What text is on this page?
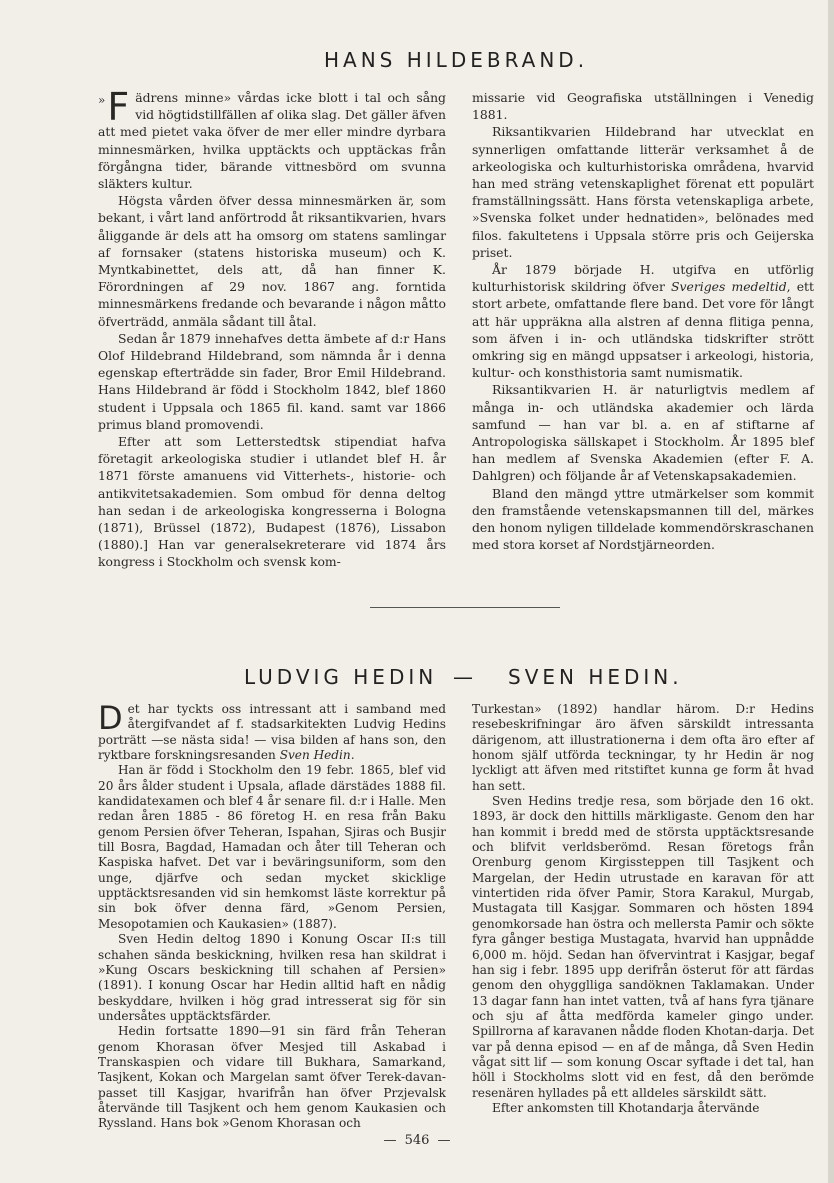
HANS HILDEBRAND.

» F ädrens minne» vårdas icke blott i tal och sång vid högtidstillfällen af olika slag. Det gäller äfven att med pietet vaka öfver de mer eller mindre dyrbara minnesmärken, hvilka upptäckts och upptäckas från förgångna tider, bärande vittnesbörd om svunna släkters kultur.

Högsta vården öfver dessa minnesmärken är, som bekant, i vårt land anförtrodd åt riksantikvarien, hvars åliggande är dels att ha omsorg om statens samlingar af fornsaker (statens historiska museum) och K. Myntkabinettet, dels att, då han finner K. Förordningen af 29 nov. 1867 ang. forntida minnesmärkens fredande och bevarande i någon måtto öfverträdd, anmäla sådant till åtal.

Sedan år 1879 innehafves detta ämbete af d:r Hans Olof Hildebrand Hildebrand, som nämnda år i denna egenskap efterträdde sin fader, Bror Emil Hildebrand. Hans Hildebrand är född i Stockholm 1842, blef 1860 student i Uppsala och 1865 fil. kand. samt var 1866 primus bland promovendi.

Efter att som Letterstedtsk stipendiat hafva företagit arkeologiska studier i utlandet blef H. år 1871 förste amanuens vid Vitterhets-, historie- och antikvitetsakademien. Som ombud för denna deltog han sedan i de arkeologiska kongresserna i Bologna (1871), Brüssel (1872), Budapest (1876), Lissabon (1880).] Han var generalsekreterare vid 1874 års kongress i Stockholm och svensk kom-

missarie vid Geografiska utställningen i Venedig 1881.

Riksantikvarien Hildebrand har utvecklat en synnerligen omfattande litterär verksamhet å de arkeologiska och kulturhistoriska områdena, hvarvid han med sträng vetenskaplighet förenat ett populärt framställningssätt. Hans första vetenskapliga arbete, »Svenska folket under hednatiden», belönades med filos. fakultetens i Uppsala större pris och Geijerska priset.

År 1879 började H. utgifva en utförlig kulturhistorisk skildring öfver Sveriges medeltid, ett stort arbete, omfattande flere band. Det vore för långt att här uppräkna alla alstren af denna flitiga penna, som äfven i in- och utländska tidskrifter strött omkring sig en mängd uppsatser i arkeologi, historia, kultur- och konsthistoria samt numismatik.

Riksantikvarien H. är naturligtvis medlem af många in- och utländska akademier och lärda samfund — han var bl. a. en af stiftarne af Antropologiska sällskapet i Stockholm. År 1895 blef han medlem af Svenska Akademien (efter F. A. Dahlgren) och följande år af Vetenskapsakademien.

Bland den mängd yttre utmärkelser som kommit den framstående vetenskapsmannen till del, märkes den honom nyligen tilldelade kommendörskraschanen med stora korset af Nordstjärneorden.

LUDVIG HEDIN — SVEN HEDIN.

Det har tyckts oss intressant att i samband med återgifvandet af f. stadsarkitekten Ludvig Hedins porträtt —se nästa sida! — visa bilden af hans son, den ryktbare forskningsresanden Sven Hedin.

Han är född i Stockholm den 19 febr. 1865, blef vid 20 års ålder student i Upsala, aflade därstädes 1888 fil. kandidatexamen och blef 4 år senare fil. d:r i Halle. Men redan åren 1885 - 86 företog H. en resa från Baku genom Persien öfver Teheran, Ispahan, Sjiras och Busjir till Bosra, Bagdad, Hamadan och åter till Teheran och Kaspiska hafvet. Det var i beväringsuniform, som den unge, djärfve och sedan mycket skicklige upptäcktsresanden vid sin hemkomst läste korrektur på sin bok öfver denna färd, »Genom Persien, Mesopotamien och Kaukasien» (1887).

Sven Hedin deltog 1890 i Konung Oscar II:s till schahen sända beskickning, hvilken resa han skildrat i »Kung Oscars beskickning till schahen af Persien» (1891). I konung Oscar har Hedin alltid haft en nådig beskyddare, hvilken i hög grad intresserat sig för sin undersåtes upptäcktsfärder.

Hedin fortsatte 1890—91 sin färd från Teheran genom Khorasan öfver Mesjed till Askabad i Transkaspien och vidare till Bukhara, Samarkand, Tasjkent, Kokan och Margelan samt öfver Terek-davan-passet till Kasjgar, hvarifrån han öfver Przjevalsk återvände till Tasjkent och hem genom Kaukasien och Ryssland. Hans bok »Genom Khorasan och

Turkestan» (1892) handlar härom. D:r Hedins resebeskrifningar äro äfven särskildt intressanta därigenom, att illustrationerna i dem ofta äro efter af honom själf utförda teckningar, ty hr Hedin är nog lyckligt att äfven med ritstiftet kunna ge form åt hvad han sett.

Sven Hedins tredje resa, som började den 16 okt. 1893, är dock den hittills märkligaste. Genom den har han kommit i bredd med de största upptäcktsresande och blifvit verldsberömd. Resan företogs från Orenburg genom Kirgissteppen till Tasjkent och Margelan, der Hedin utrustade en karavan för att vintertiden rida öfver Pamir, Stora Karakul, Murgab, Mustagata till Kasjgar. Sommaren och hösten 1894 genomkorsade han östra och mellersta Pamir och sökte fyra gånger bestiga Mustagata, hvarvid han uppnådde 6,000 m. höjd. Sedan han öfvervintrat i Kasjgar, begaf han sig i febr. 1895 upp derifrån österut för att färdas genom den ohygglliga sandöknen Taklamakan. Under 13 dagar fann han intet vatten, två af hans fyra tjänare och sju af åtta medförda kameler gingo under. Spillrorna af karavanen nådde floden Khotan-darja. Det var på denna episod — en af de många, då Sven Hedin vågat sitt lif — som konung Oscar syftade i det tal, han höll i Stockholms slott vid en fest, då den berömde resenären hyllades på ett alldeles särskildt sätt.

Efter ankomsten till Khotandarja återvände

— 546 —
